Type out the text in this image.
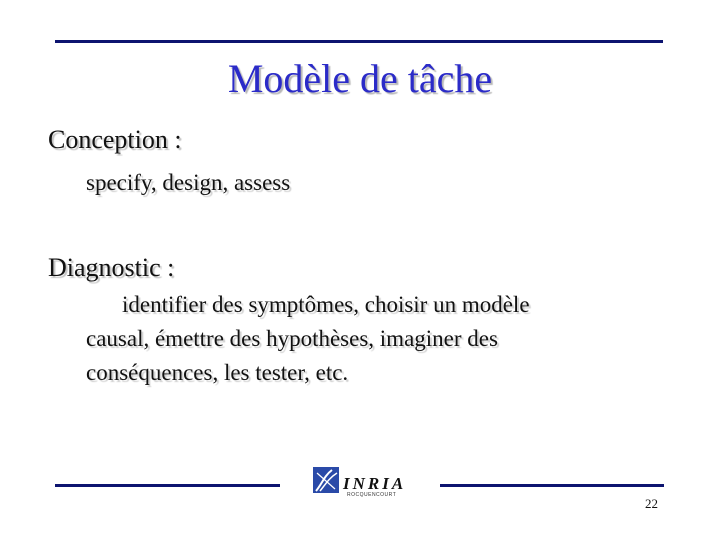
Modèle de tâche
Conception :
specify, design, assess
Diagnostic :
identifier des symptômes, choisir un modèle
causal, émettre des hypothèses, imaginer des
conséquences, les tester, etc.
INRIA
ROCQUENCOURT
22
